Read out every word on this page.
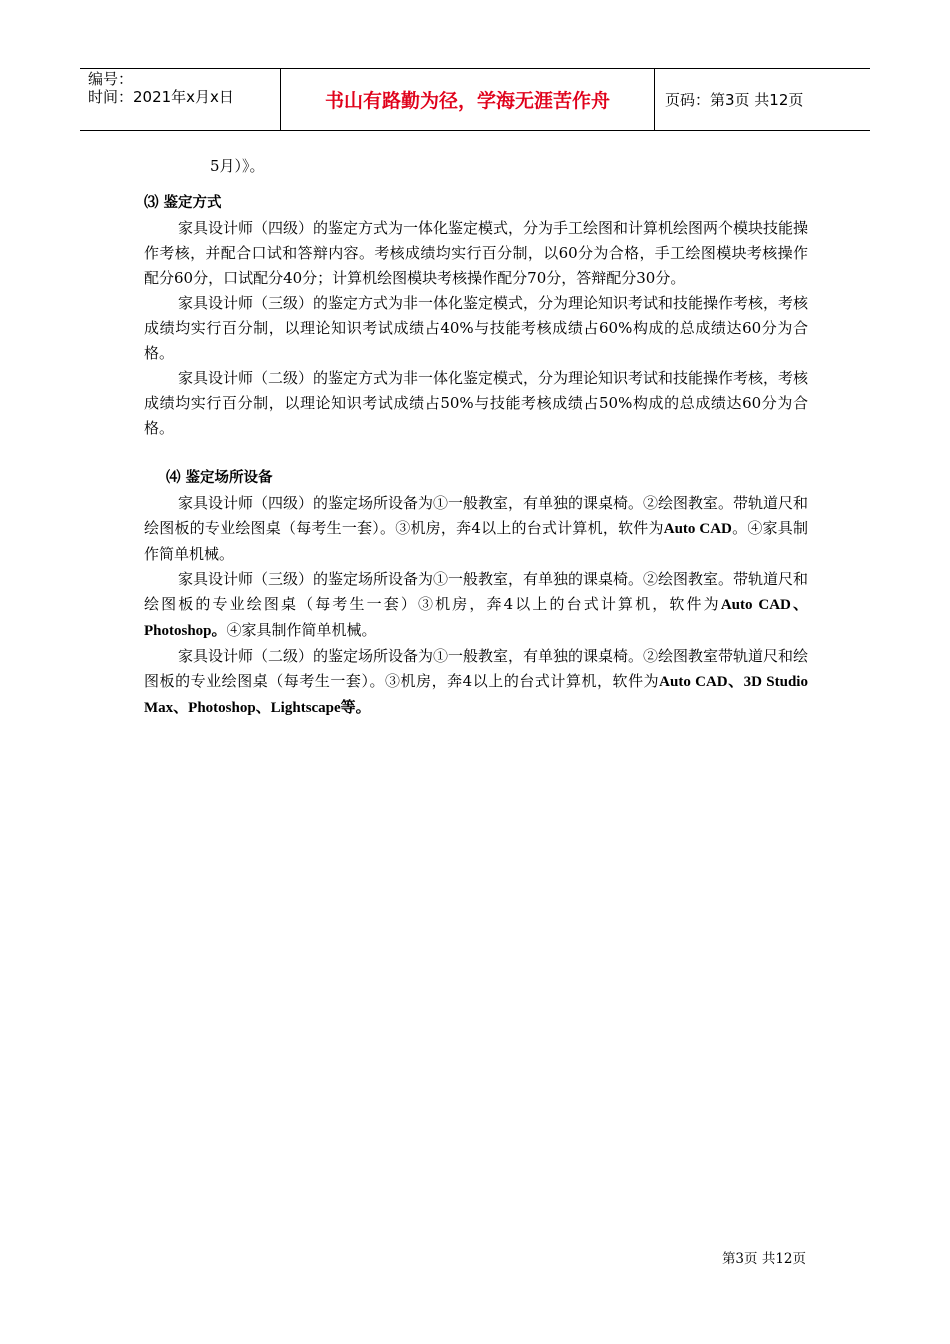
编号：
时间：2021年x月x日	书山有路勤为径，学海无涯苦作舟	页码：第3页 共12页

5月）》。

⑶ 鉴定方式

家具设计师（四级）的鉴定方式为一体化鉴定模式，分为手工绘图和计算机绘图两个模块技能操作考核，并配合口试和答辩内容。考核成绩均实行百分制，以60分为合格，手工绘图模块考核操作配分60分，口试配分40分；计算机绘图模块考核操作配分70分，答辩配分30分。

家具设计师（三级）的鉴定方式为非一体化鉴定模式，分为理论知识考试和技能操作考核，考核成绩均实行百分制，以理论知识考试成绩占40%与技能考核成绩占60%构成的总成绩达60分为合格。

家具设计师（二级）的鉴定方式为非一体化鉴定模式，分为理论知识考试和技能操作考核，考核成绩均实行百分制，以理论知识考试成绩占50%与技能考核成绩占50%构成的总成绩达60分为合格。

⑷ 鉴定场所设备

家具设计师（四级）的鉴定场所设备为①一般教室，有单独的课桌椅。②绘图教室。带轨道尺和绘图板的专业绘图桌（每考生一套）。③机房，奔4以上的台式计算机，软件为Auto CAD。④家具制作简单机械。

家具设计师（三级）的鉴定场所设备为①一般教室，有单独的课桌椅。②绘图教室。带轨道尺和绘图板的专业绘图桌（每考生一套）③机房，奔4以上的台式计算机，软件为Auto CAD、Photoshop。④家具制作简单机械。

家具设计师（二级）的鉴定场所设备为①一般教室，有单独的课桌椅。②绘图教室带轨道尺和绘图板的专业绘图桌（每考生一套）。③机房，奔4以上的台式计算机，软件为Auto CAD、3D Studio Max、Photoshop、Lightscape等。

第3页 共12页
